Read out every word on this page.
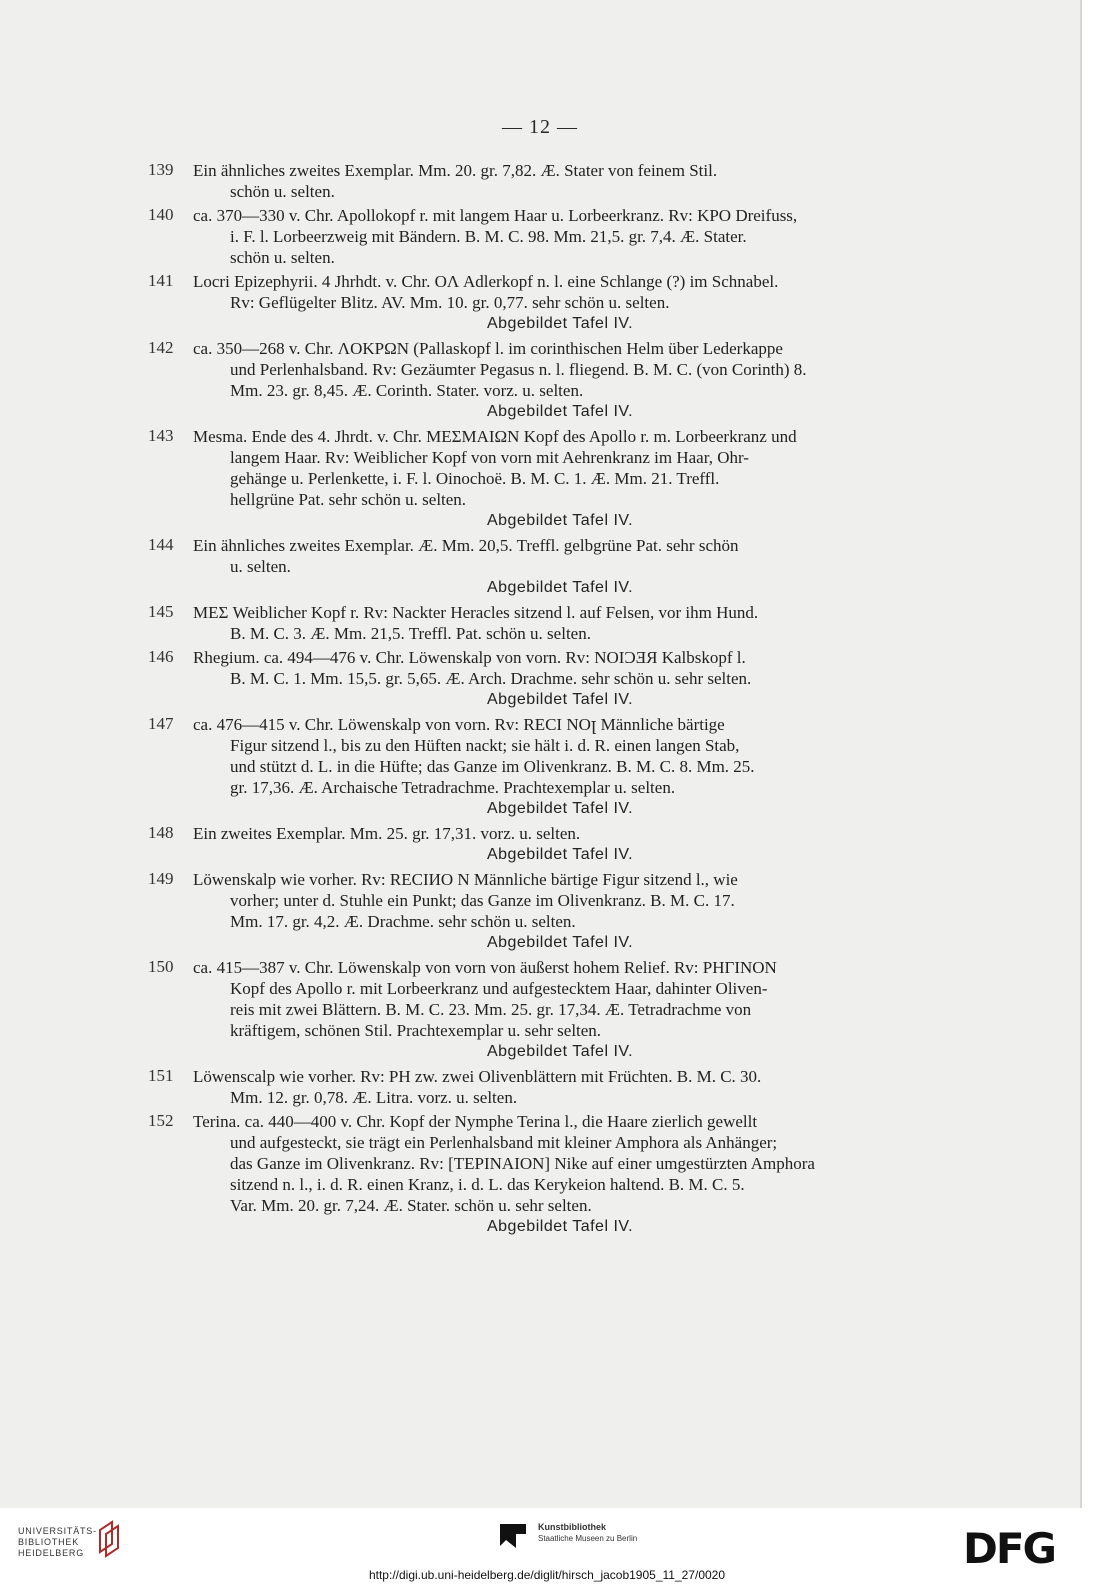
— 12 —
139	Ein ähnliches zweites Exemplar. Mm. 20. gr. 7,82. Æ. Stater von feinem Stil.
schön u. selten.
140	ca. 370—330 v. Chr. Apollokopf r. mit langem Haar u. Lorbeerkranz. Rv: KPO Dreifuss,
i. F. l. Lorbeerzweig mit Bändern. B. M. C. 98. Mm. 21,5. gr. 7,4. Æ. Stater.
schön u. selten.
141	Locri Epizephyrii. 4 Jhrhdt. v. Chr. OΛ Adlerkopf n. l. eine Schlange (?) im Schnabel.
Rv: Geflügelter Blitz. AV. Mm. 10. gr. 0,77. sehr schön u. selten.
Abgebildet Tafel IV.
142	ca. 350—268 v. Chr. ΛOKPΩN (Pallaskopf l. im corinthischen Helm über Lederkappe
und Perlenhalsband. Rv: Gezäumter Pegasus n. l. fliegend. B. M. C. (von Corinth) 8.
Mm. 23. gr. 8,45. Æ. Corinth. Stater. vorz. u. selten.
Abgebildet Tafel IV.
143	Mesma. Ende des 4. Jhrdt. v. Chr. MEΣMAIΩN Kopf des Apollo r. m. Lorbeerkranz und
langem Haar. Rv: Weiblicher Kopf von vorn mit Aehrenkranz im Haar, Ohr-
gehänge u. Perlenkette, i. F. l. Oinochoë. B. M. C. 1. Æ. Mm. 21. Treffl.
hellgrüne Pat. sehr schön u. selten.
Abgebildet Tafel IV.
144	Ein ähnliches zweites Exemplar. Æ. Mm. 20,5. Treffl. gelbgrüne Pat. sehr schön
u. selten.
Abgebildet Tafel IV.
145	MEΣ Weiblicher Kopf r. Rv: Nackter Heracles sitzend l. auf Felsen, vor ihm Hund.
B. M. C. 3. Æ. Mm. 21,5. Treffl. Pat. schön u. selten.
146	Rhegium. ca. 494—476 v. Chr. Löwenskalp von vorn. Rv: NOIƆƎЯ Kalbskopf l.
B. M. C. 1. Mm. 15,5. gr. 5,65. Æ. Arch. Drachme. sehr schön u. sehr selten.
Abgebildet Tafel IV.
147	ca. 476—415 v. Chr. Löwenskalp von vorn. Rv: RECI NOꞁ Männliche bärtige
Figur sitzend l., bis zu den Hüften nackt; sie hält i. d. R. einen langen Stab,
und stützt d. L. in die Hüfte; das Ganze im Olivenkranz. B. M. C. 8. Mm. 25.
gr. 17,36. Æ. Archaische Tetradrachme. Prachtexemplar u. selten.
Abgebildet Tafel IV.
148	Ein zweites Exemplar. Mm. 25. gr. 17,31. vorz. u. selten.
Abgebildet Tafel IV.
149	Löwenskalp wie vorher. Rv: RECIИO N Männliche bärtige Figur sitzend l., wie
vorher; unter d. Stuhle ein Punkt; das Ganze im Olivenkranz. B. M. C. 17.
Mm. 17. gr. 4,2. Æ. Drachme. sehr schön u. selten.
Abgebildet Tafel IV.
150	ca. 415—387 v. Chr. Löwenskalp von vorn von äußerst hohem Relief. Rv: PHΓINON
Kopf des Apollo r. mit Lorbeerkranz und aufgestecktem Haar, dahinter Oliven-
reis mit zwei Blättern. B. M. C. 23. Mm. 25. gr. 17,34. Æ. Tetradrachme von
kräftigem, schönen Stil. Prachtexemplar u. sehr selten.
Abgebildet Tafel IV.
151	Löwenscalp wie vorher. Rv: PH zw. zwei Olivenblättern mit Früchten. B. M. C. 30.
Mm. 12. gr. 0,78. Æ. Litra. vorz. u. selten.
152	Terina. ca. 440—400 v. Chr. Kopf der Nymphe Terina l., die Haare zierlich gewellt
und aufgesteckt, sie trägt ein Perlenhalsband mit kleiner Amphora als Anhänger;
das Ganze im Olivenkranz. Rv: [TEPINAION] Nike auf einer umgestürzten Amphora
sitzend n. l., i. d. R. einen Kranz, i. d. L. das Kerykeion haltend. B. M. C. 5.
Var. Mm. 20. gr. 7,24. Æ. Stater. schön u. sehr selten.
Abgebildet Tafel IV.
UNIVERSITÄTS-
BIBLIOTHEK
HEIDELBERG
Kunstbibliothek
Staatliche Museen zu Berlin	DFG
http://digi.ub.uni-heidelberg.de/diglit/hirsch_jacob1905_11_27/0020
